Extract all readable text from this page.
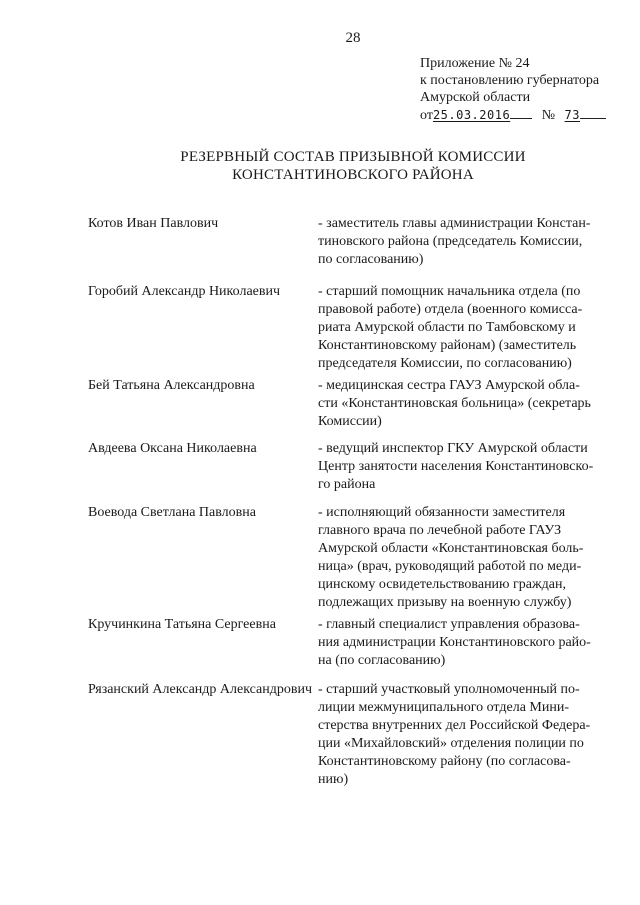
28
Приложение № 24
к постановлению губернатора
Амурской области
от25.03.2016 № 73
РЕЗЕРВНЫЙ СОСТАВ ПРИЗЫВНОЙ КОМИССИИ
КОНСТАНТИНОВСКОГО РАЙОНА
Котов Иван Павлович	- заместитель главы администрации Констан-
тиновского района (председатель Комиссии,
по согласованию)
Горобий Александр Николаевич	- старший помощник начальника отдела (по
правовой работе) отдела (военного комисса-
риата Амурской области по Тамбовскому и
Константиновскому районам) (заместитель
председателя Комиссии, по согласованию)
Бей Татьяна Александровна	- медицинская сестра ГАУЗ Амурской обла-
сти «Константиновская больница» (секретарь
Комиссии)
Авдеева Оксана Николаевна	- ведущий инспектор ГКУ Амурской области
Центр занятости населения Константиновско-
го района
Воевода Светлана Павловна	- исполняющий обязанности заместителя
главного врача по лечебной работе ГАУЗ
Амурской области «Константиновская боль-
ница» (врач, руководящий работой по меди-
цинскому освидетельствованию граждан,
подлежащих призыву на военную службу)
Кручинкина Татьяна Сергеевна	- главный специалист управления образова-
ния администрации Константиновского райо-
на (по согласованию)
Рязанский Александр Александрович - старший участковый уполномоченный по-
лиции межмуниципального отдела Мини-
стерства внутренних дел Российской Федера-
ции «Михайловский» отделения полиции по
Константиновскому району (по согласова-
нию)
